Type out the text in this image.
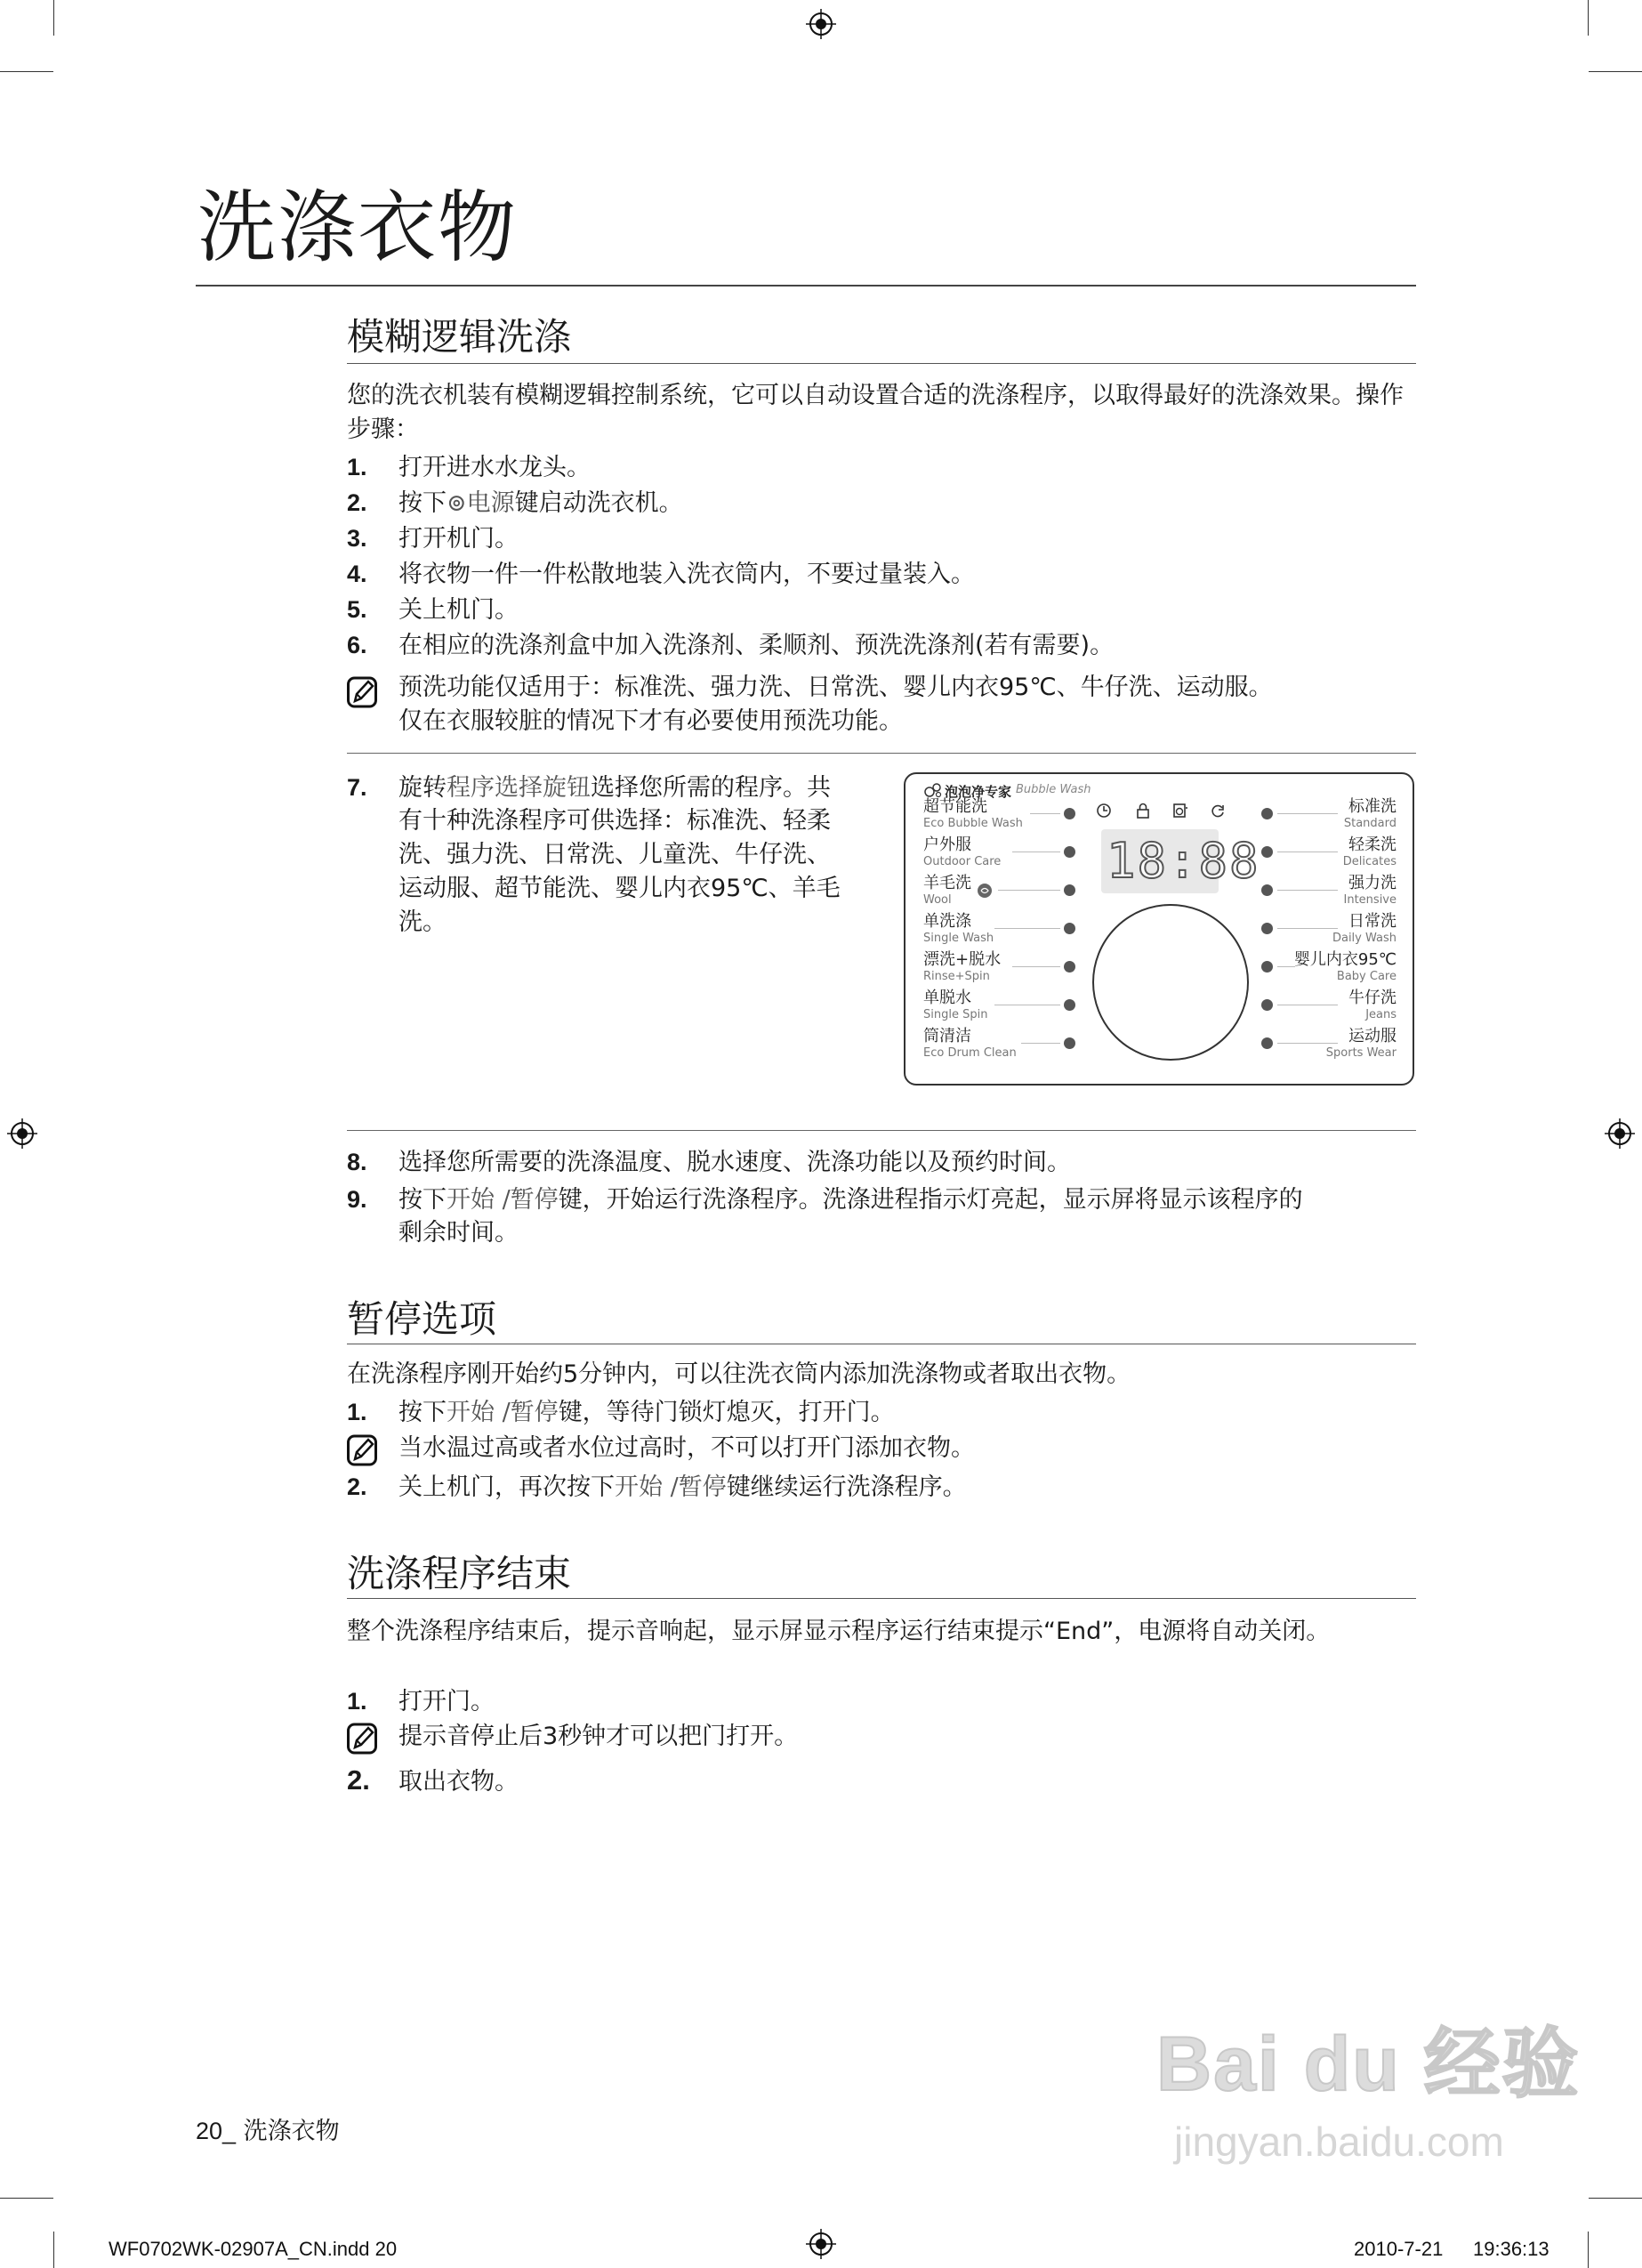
洗涤衣物
模糊逻辑洗涤
您的洗衣机装有模糊逻辑控制系统，它可以自动设置合适的洗涤程序，以取得最好的洗涤效果。操作步骤：
1. 打开进水水龙头。
2. 按下⊚电源键启动洗衣机。
3. 打开机门。
4. 将衣物一件一件松散地装入洗衣筒内，不要过量装入。
5. 关上机门。
6. 在相应的洗涤剂盒中加入洗涤剂、柔顺剂、预洗洗涤剂(若有需要)。
预洗功能仅适用于：标准洗、强力洗、日常洗、婴儿内衣95℃、牛仔洗、运动服。
仅在衣服较脏的情况下才有必要使用预洗功能。
7. 旋转程序选择旋钮选择您所需的程序。共
有十种洗涤程序可供选择：标准洗、轻柔
洗、强力洗、日常洗、儿童洗、牛仔洗、
运动服、超节能洗、婴儿内衣95℃、羊毛
洗。
泡泡净专家 Bubble Wash
18:88
超节能洗
Eco Bubble Wash
户外服
Outdoor Care
羊毛洗
Wool
单洗涤
Single Wash
漂洗+脱水
Rinse+Spin
单脱水
Single Spin
筒清洁
Eco Drum Clean
标准洗
Standard
轻柔洗
Delicates
强力洗
Intensive
日常洗
Daily Wash
婴儿内衣95℃
Baby Care
牛仔洗
Jeans
运动服
Sports Wear
8. 选择您所需要的洗涤温度、脱水速度、洗涤功能以及预约时间。
9. 按下开始 /暂停键，开始运行洗涤程序。洗涤进程指示灯亮起，显示屏将显示该程序的
剩余时间。
暂停选项
在洗涤程序刚开始约5分钟内，可以往洗衣筒内添加洗涤物或者取出衣物。
1. 按下开始 /暂停键，等待门锁灯熄灭，打开门。
当水温过高或者水位过高时，不可以打开门添加衣物。
2. 关上机门，再次按下开始 /暂停键继续运行洗涤程序。
洗涤程序结束
整个洗涤程序结束后，提示音响起，显示屏显示程序运行结束提示“End”，电源将自动关闭。
1. 打开门。
提示音停止后3秒钟才可以把门打开。
2. 取出衣物。
Bai du 经验
jingyan.baidu.com
20_ 洗涤衣物
WF0702WK-02907A_CN.indd 20	2010-7-21 19:36:13
